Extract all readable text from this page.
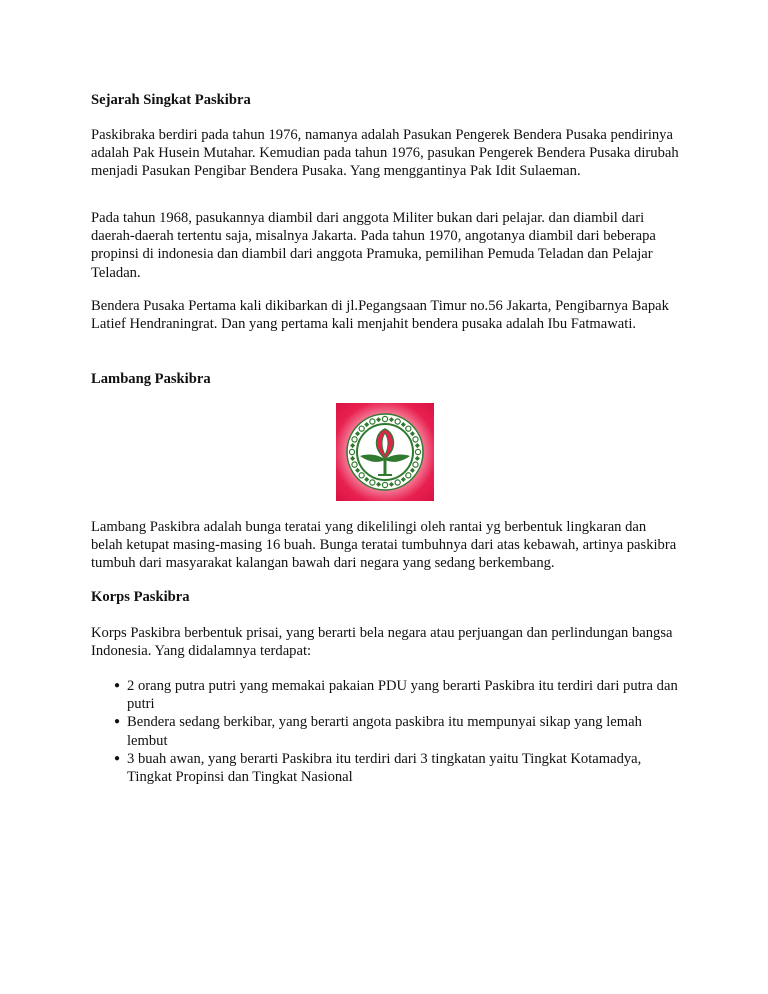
Sejarah Singkat Paskibra

Paskibraka berdiri pada tahun 1976, namanya adalah Pasukan Pengerek Bendera Pusaka pendirinya adalah Pak Husein Mutahar. Kemudian pada tahun 1976, pasukan Pengerek Bendera Pusaka dirubah menjadi Pasukan Pengibar Bendera Pusaka. Yang menggantinya Pak Idit Sulaeman.

Pada tahun 1968, pasukannya diambil dari anggota Militer bukan dari pelajar. dan diambil dari daerah-daerah tertentu saja, misalnya Jakarta. Pada tahun 1970, angotanya diambil dari beberapa propinsi di indonesia dan diambil dari anggota Pramuka, pemilihan Pemuda Teladan dan Pelajar Teladan.

Bendera Pusaka Pertama kali dikibarkan di jl.Pegangsaan Timur no.56 Jakarta, Pengibarnya Bapak Latief Hendraningrat. Dan yang pertama kali menjahit bendera pusaka adalah Ibu Fatmawati.

Lambang Paskibra

Lambang Paskibra adalah bunga teratai yang dikelilingi oleh rantai yg berbentuk lingkaran dan belah ketupat masing-masing 16 buah. Bunga teratai tumbuhnya dari atas kebawah, artinya paskibra tumbuh dari masyarakat kalangan bawah dari negara yang sedang berkembang.

Korps Paskibra

Korps Paskibra berbentuk prisai, yang berarti bela negara atau perjuangan dan perlindungan bangsa Indonesia. Yang didalamnya terdapat:

● 2 orang putra putri yang memakai pakaian PDU yang berarti Paskibra itu terdiri dari putra dan putri
● Bendera sedang berkibar, yang berarti angota paskibra itu mempunyai sikap yang lemah lembut
● 3 buah awan, yang berarti Paskibra itu terdiri dari 3 tingkatan yaitu Tingkat Kotamadya, Tingkat Propinsi dan Tingkat Nasional
